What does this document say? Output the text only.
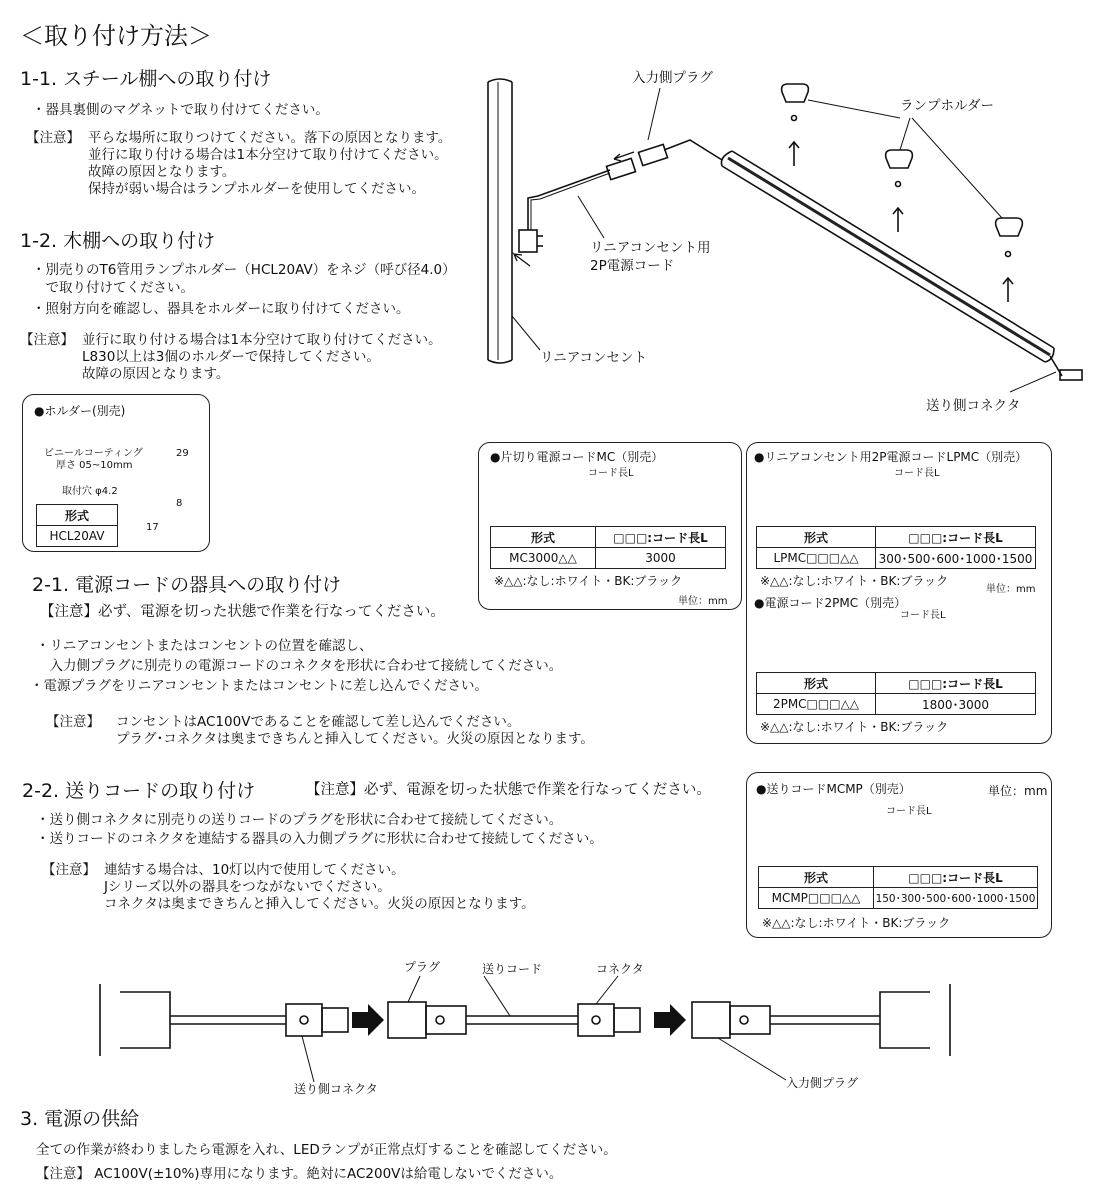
＜取り付け方法＞
1-1. スチール棚への取り付け
・器具裏側のマグネットで取り付けてください。
【注意】 平らな場所に取りつけてください。落下の原因となります。
並行に取り付ける場合は1本分空けて取り付けてください。
故障の原因となります。
保持が弱い場合はランプホルダーを使用してください。
1-2. 木棚への取り付け
・別売りのT6管用ランプホルダー（HCL20AV）をネジ（呼び径4.0）
　で取り付けてください。
・照射方向を確認し、器具をホルダーに取り付けてください。
【注意】 並行に取り付ける場合は1本分空けて取り付けてください。
L830以上は3個のホルダーで保持してください。
故障の原因となります。
入力側プラグ
ランプホルダー
リニアコンセント用
2P電源コード
リニアコンセント
送り側コネクタ
●ホルダー(別売)
ビニールコーティング
厚さ 05~10mm
取付穴 φ4.2
29
8
17
形式
HCL20AV
●片切り電源コードMC（別売）
コード長L
形式	□□□:コード長L
MC3000△△	3000
※△△:なし:ホワイト・BK:ブラック
単位：mm
●リニアコンセント用2P電源コードLPMC（別売）
コード長L
形式	□□□:コード長L
LPMC□□□△△	300･500･600･1000･1500
※△△:なし:ホワイト・BK:ブラック
単位：mm
●電源コード2PMC（別売）
コード長L
形式	□□□:コード長L
2PMC□□□△△	1800･3000
※△△:なし:ホワイト・BK:ブラック
2-1. 電源コードの器具への取り付け
【注意】必ず、電源を切った状態で作業を行なってください。
・リニアコンセントまたはコンセントの位置を確認し、
　入力側プラグに別売りの電源コードのコネクタを形状に合わせて接続してください。
・電源プラグをリニアコンセントまたはコンセントに差し込んでください。
【注意】 コンセントはAC100Vであることを確認して差し込んでください。
プラグ･コネクタは奥まできちんと挿入してください。火災の原因となります。
2-2. 送りコードの取り付け	【注意】必ず、電源を切った状態で作業を行なってください。
・送り側コネクタに別売りの送りコードのプラグを形状に合わせて接続してください。
・送りコードのコネクタを連結する器具の入力側プラグに形状に合わせて接続してください。
【注意】 連結する場合は、10灯以内で使用してください。
Jシリーズ以外の器具をつながないでください。
コネクタは奥まできちんと挿入してください。火災の原因となります。
●送りコードMCMP（別売）	単位：mm
コード長L
形式	□□□:コード長L
MCMP□□□△△	150･300･500･600･1000･1500
※△△:なし:ホワイト・BK:ブラック
プラグ	送りコード	コネクタ
送り側コネクタ	入力側プラグ
3. 電源の供給
全ての作業が終わりましたら電源を入れ、LEDランプが正常点灯することを確認してください。
【注意】 AC100V(±10%)専用になります。絶対にAC200Vは給電しないでください。
